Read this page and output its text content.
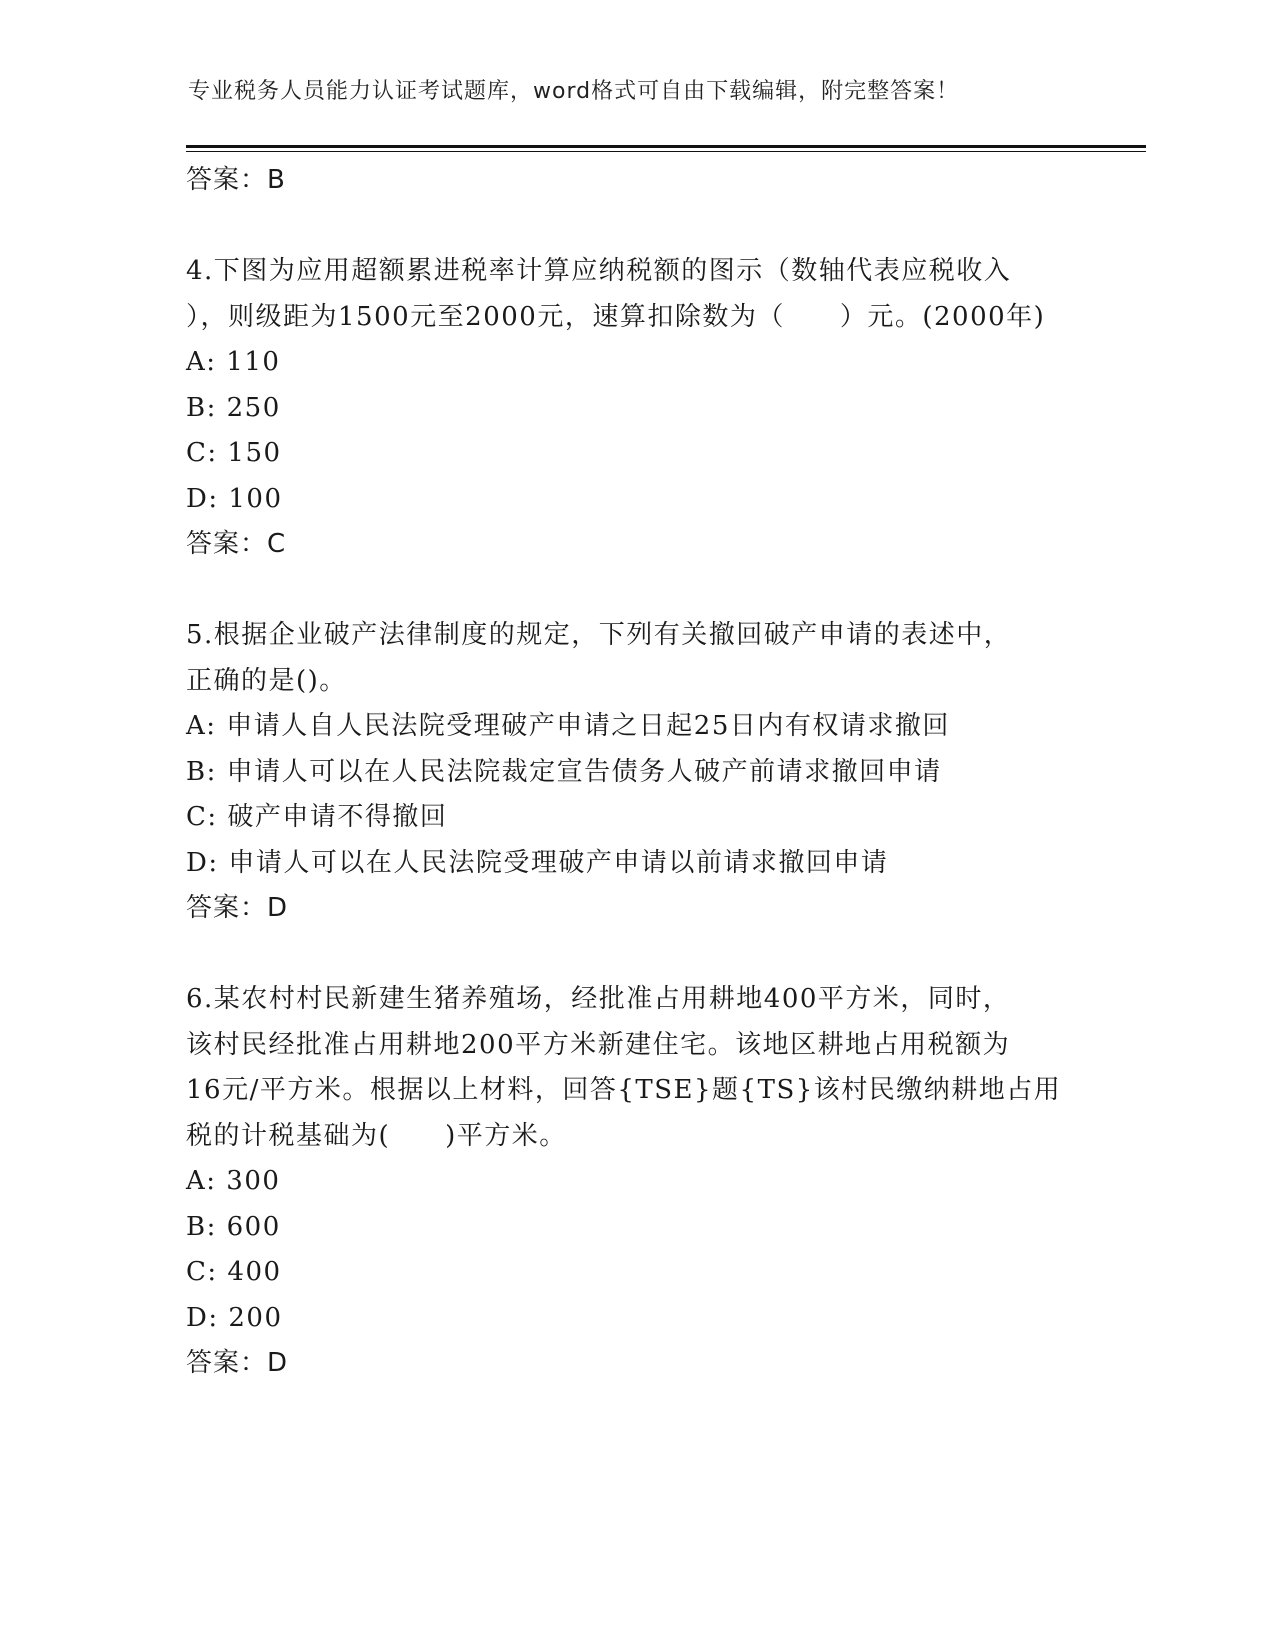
专业税务人员能力认证考试题库，word格式可自由下载编辑，附完整答案！
答案：B
4.下图为应用超额累进税率计算应纳税额的图示（数轴代表应税收入
），则级距为1500元至2000元，速算扣除数为（　　）元。(2000年)
A: 110
B: 250
C: 150
D: 100
答案：C
5.根据企业破产法律制度的规定，下列有关撤回破产申请的表述中，
正确的是()。
A: 申请人自人民法院受理破产申请之日起25日内有权请求撤回
B: 申请人可以在人民法院裁定宣告债务人破产前请求撤回申请
C: 破产申请不得撤回
D: 申请人可以在人民法院受理破产申请以前请求撤回申请
答案：D
6.某农村村民新建生猪养殖场，经批准占用耕地400平方米，同时，
该村民经批准占用耕地200平方米新建住宅。该地区耕地占用税额为
16元/平方米。根据以上材料，回答{TSE}题{TS}该村民缴纳耕地占用
税的计税基础为(　　)平方米。
A: 300
B: 600
C: 400
D: 200
答案：D
